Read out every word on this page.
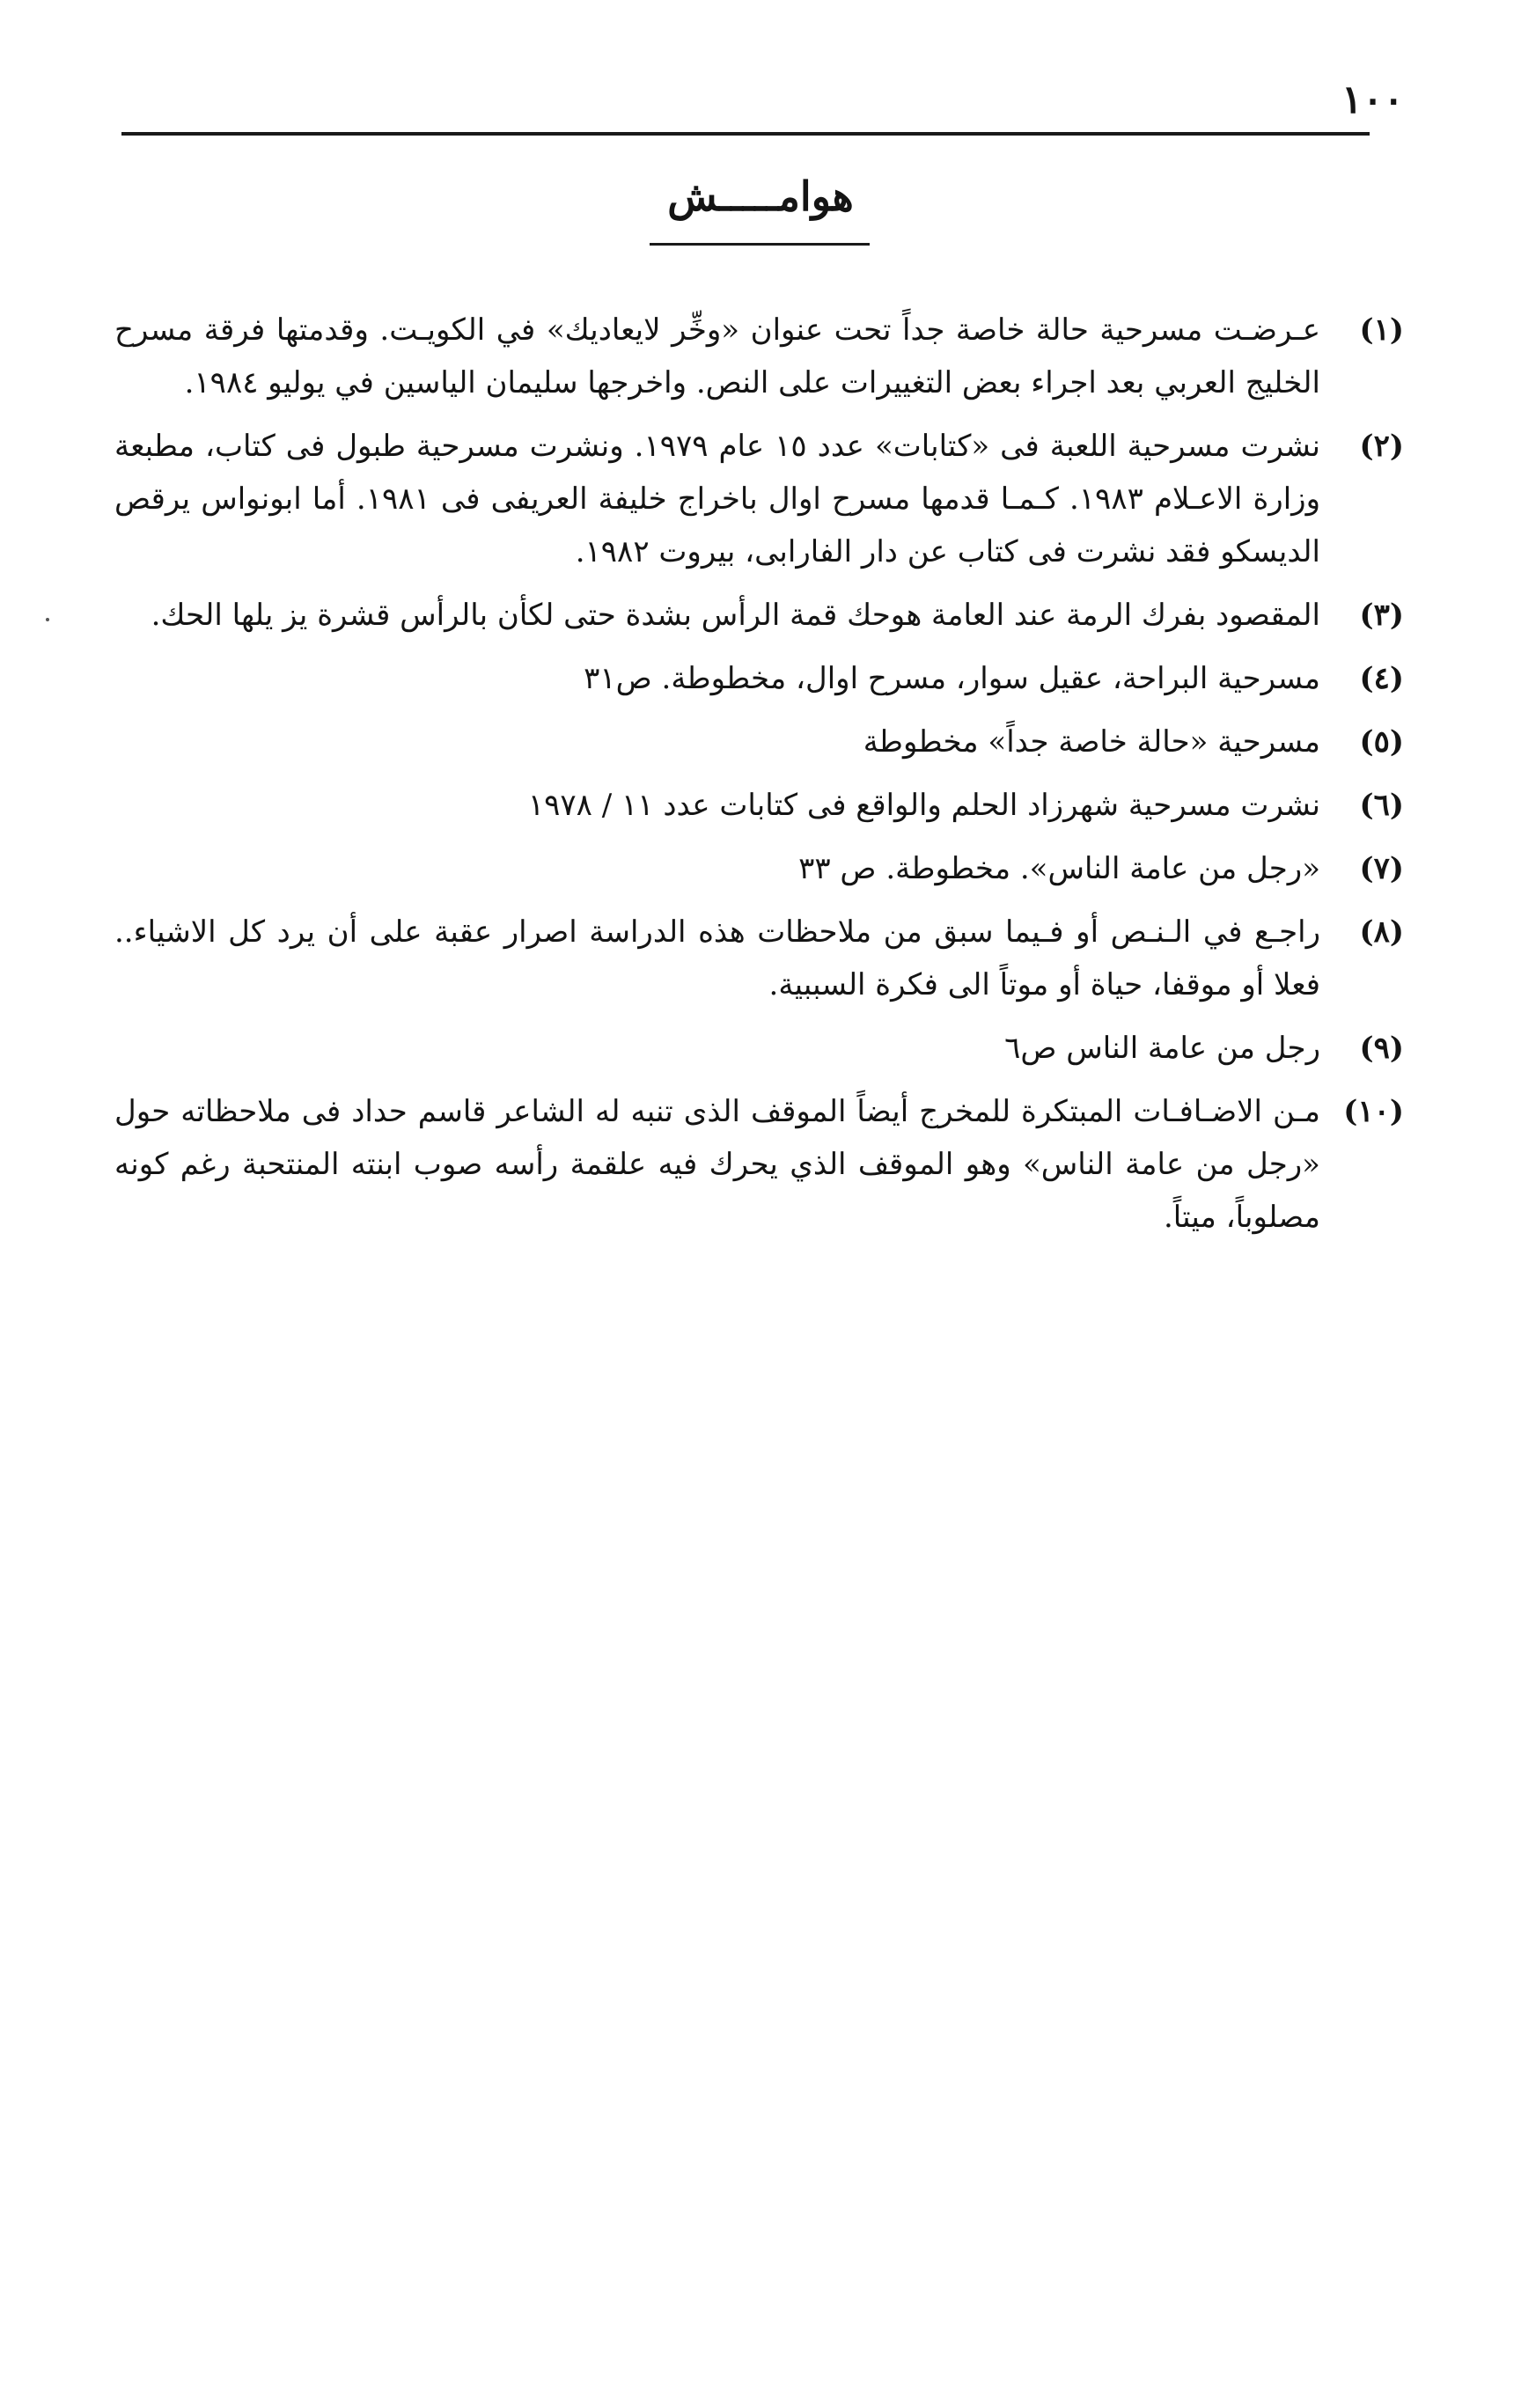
١٠٠
هوامـــــش
(١)
عـرضـت مسرحية حالة خاصة جداً تحت عنوان «وخِّر لايعاديك» في الكويـت. وقدمتها فرقة مسرح الخليج العربي بعد اجراء بعض التغييرات على النص. واخرجها سليمان الياسين في يوليو ١٩٨٤.
(٢)
نشرت مسرحية اللعبة فى «كتابات» عدد ١٥ عام ١٩٧٩. ونشرت مسرحية طبول فى كتاب، مطبعة وزارة الاعـلام ١٩٨٣. كـمـا قدمها مسرح اوال باخراج خليفة العريفى فى ١٩٨١. أما ابونواس يرقص الديسكو فقد نشرت فى كتاب عن دار الفارابى، بيروت ١٩٨٢.
(٣)
المقصود بفرك الرمة عند العامة هوحك قمة الرأس بشدة حتى لكأن بالرأس قشرة يز يلها الحك.
(٤)
مسرحية البراحة، عقيل سوار، مسرح اوال، مخطوطة. ص٣١
(٥)
مسرحية «حالة خاصة جداً» مخطوطة
(٦)
نشرت مسرحية شهرزاد الحلم والواقع فى كتابات عدد ١١ / ١٩٧٨
(٧)
«رجل من عامة الناس». مخطوطة. ص ٣٣
(٨)
راجـع في الـنـص أو فـيما سبق من ملاحظات هذه الدراسة اصرار عقبة على أن يرد كل الاشياء.. فعلا أو موقفا، حياة أو موتاً الى فكرة السببية.
(٩)
رجل من عامة الناس ص٦
(١٠)
مـن الاضـافـات المبتكرة للمخرج أيضاً الموقف الذى تنبه له الشاعر قاسم حداد فى ملاحظاته حول «رجل من عامة الناس» وهو الموقف الذي يحرك فيه علقمة رأسه صوب ابنته المنتحبة رغم كونه مصلوباً، ميتاً.
